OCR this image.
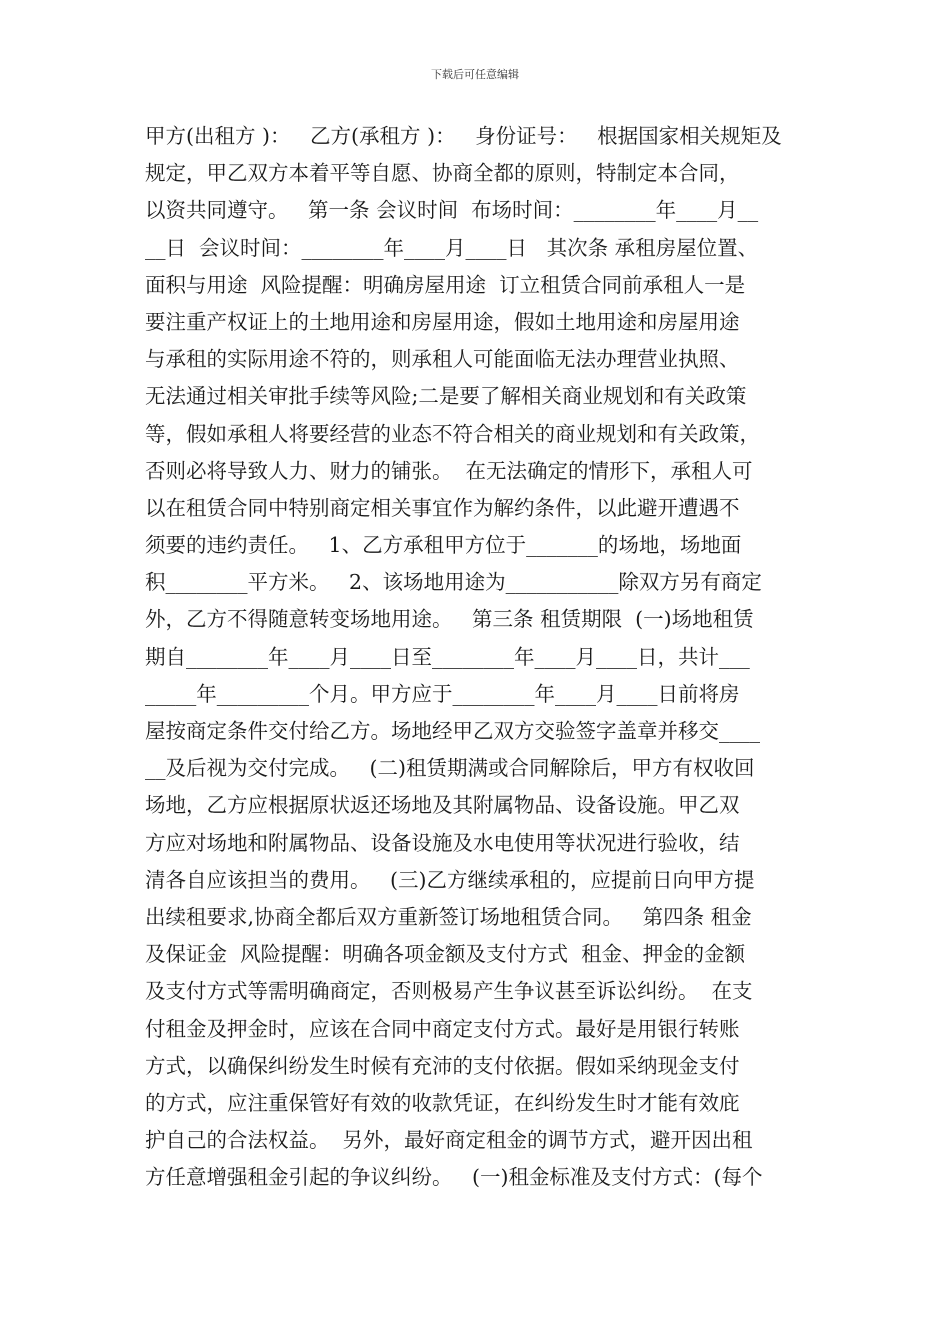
下载后可任意编辑
甲方(出租方 )：   乙方(承租方 )：   身份证号：   根据国家相关规矩及
规定，甲乙双方本着平等自愿、协商全都的原则，特制定本合同，
以资共同遵守。   第一条 会议时间  布场时间：________年____月__
__日  会议时间：________年____月____日   其次条 承租房屋位置、
面积与用途  风险提醒：明确房屋用途  订立租赁合同前承租人一是
要注重产权证上的土地用途和房屋用途，假如土地用途和房屋用途
与承租的实际用途不符的，则承租人可能面临无法办理营业执照、
无法通过相关审批手续等风险;二是要了解相关商业规划和有关政策
等，假如承租人将要经营的业态不符合相关的商业规划和有关政策，
否则必将导致人力、财力的铺张。  在无法确定的情形下，承租人可
以在租赁合同中特别商定相关事宜作为解约条件，以此避开遭遇不
须要的违约责任。   1、乙方承租甲方位于_______的场地，场地面
积________平方米。   2、该场地用途为___________除双方另有商定
外，乙方不得随意转变场地用途。   第三条 租赁期限  (一)场地租赁
期自________年____月____日至________年____月____日，共计___
_____年_________个月。甲方应于________年____月____日前将房
屋按商定条件交付给乙方。场地经甲乙双方交验签字盖章并移交____
__及后视为交付完成。   (二)租赁期满或合同解除后，甲方有权收回
场地，乙方应根据原状返还场地及其附属物品、设备设施。甲乙双
方应对场地和附属物品、设备设施及水电使用等状况进行验收，结
清各自应该担当的费用。   (三)乙方继续承租的，应提前日向甲方提
出续租要求,协商全都后双方重新签订场地租赁合同。   第四条 租金
及保证金  风险提醒：明确各项金额及支付方式  租金、押金的金额
及支付方式等需明确商定，否则极易产生争议甚至诉讼纠纷。  在支
付租金及押金时，应该在合同中商定支付方式。最好是用银行转账
方式，以确保纠纷发生时候有充沛的支付依据。假如采纳现金支付
的方式，应注重保管好有效的收款凭证，在纠纷发生时才能有效庇
护自己的合法权益。  另外，最好商定租金的调节方式，避开因出租
方任意增强租金引起的争议纠纷。   (一)租金标准及支付方式：(每个
